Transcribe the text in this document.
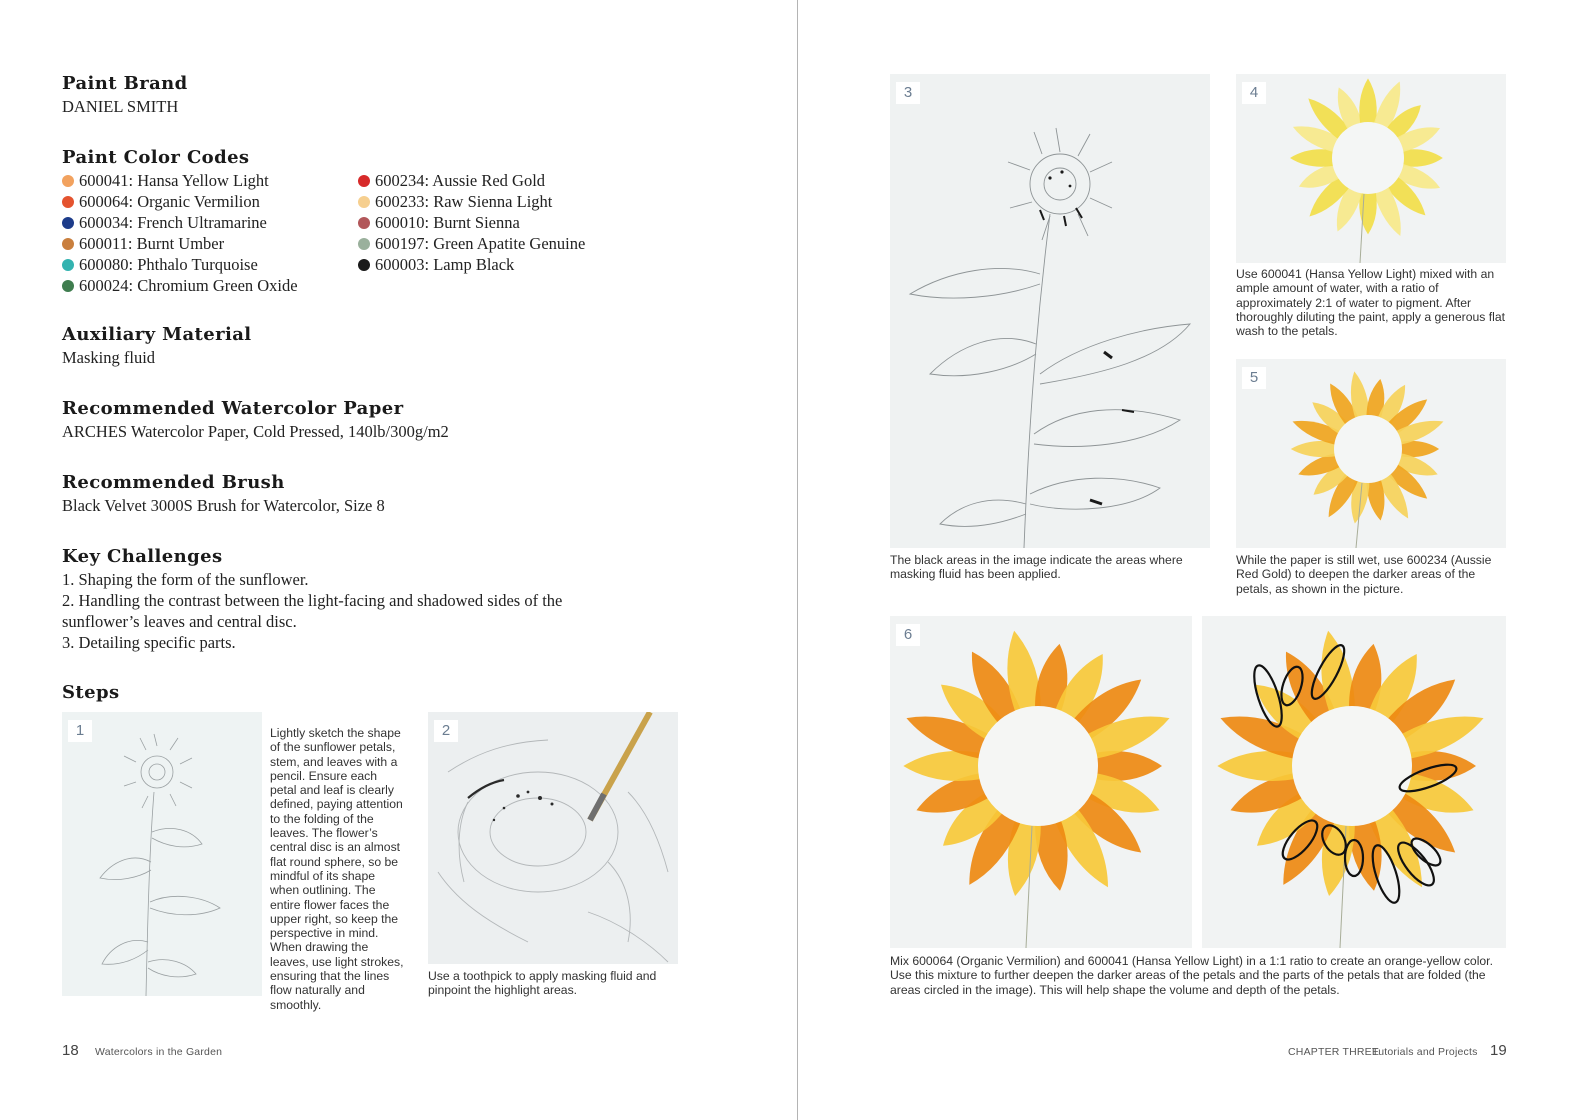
Paint Brand
DANIEL SMITH
Paint Color Codes
600041: Hansa Yellow Light	600234: Aussie Red Gold
600064: Organic Vermilion	600233: Raw Sienna Light
600034: French Ultramarine	600010: Burnt Sienna
600011: Burnt Umber	600197: Green Apatite Genuine
600080: Phthalo Turquoise	600003: Lamp Black
600024: Chromium Green Oxide
Auxiliary Material
Masking fluid
Recommended Watercolor Paper
ARCHES Watercolor Paper, Cold Pressed, 140lb/300g/m2
Recommended Brush
Black Velvet 3000S Brush for Watercolor, Size 8
Key Challenges
1. Shaping the form of the sunflower.
2. Handling the contrast between the light-facing and shadowed sides of the sunflower’s leaves and central disc.
3. Detailing specific parts.
Steps
1	Lightly sketch the shape of the sunflower petals, stem, and leaves with a pencil. Ensure each petal and leaf is clearly defined, paying attention to the folding of the leaves. The flower’s central disc is an almost flat round sphere, so be mindful of its shape when outlining. The entire flower faces the upper right, so keep the perspective in mind. When drawing the leaves, use light strokes, ensuring that the lines flow naturally and smoothly.
2
Use a toothpick to apply masking fluid and pinpoint the highlight areas.
18 Watercolors in the Garden
3
The black areas in the image indicate the areas where masking fluid has been applied.
4
Use 600041 (Hansa Yellow Light) mixed with an ample amount of water, with a ratio of approximately 2:1 of water to pigment. After thoroughly diluting the paint, apply a generous flat wash to the petals.
5
While the paper is still wet, use 600234 (Aussie Red Gold) to deepen the darker areas of the petals, as shown in the picture.
6
Mix 600064 (Organic Vermilion) and 600041 (Hansa Yellow Light) in a 1:1 ratio to create an orange-yellow color. Use this mixture to further deepen the darker areas of the petals and the parts of the petals that are folded (the areas circled in the image). This will help shape the volume and depth of the petals.
CHAPTER THREE
Tutorials and Projects 19
